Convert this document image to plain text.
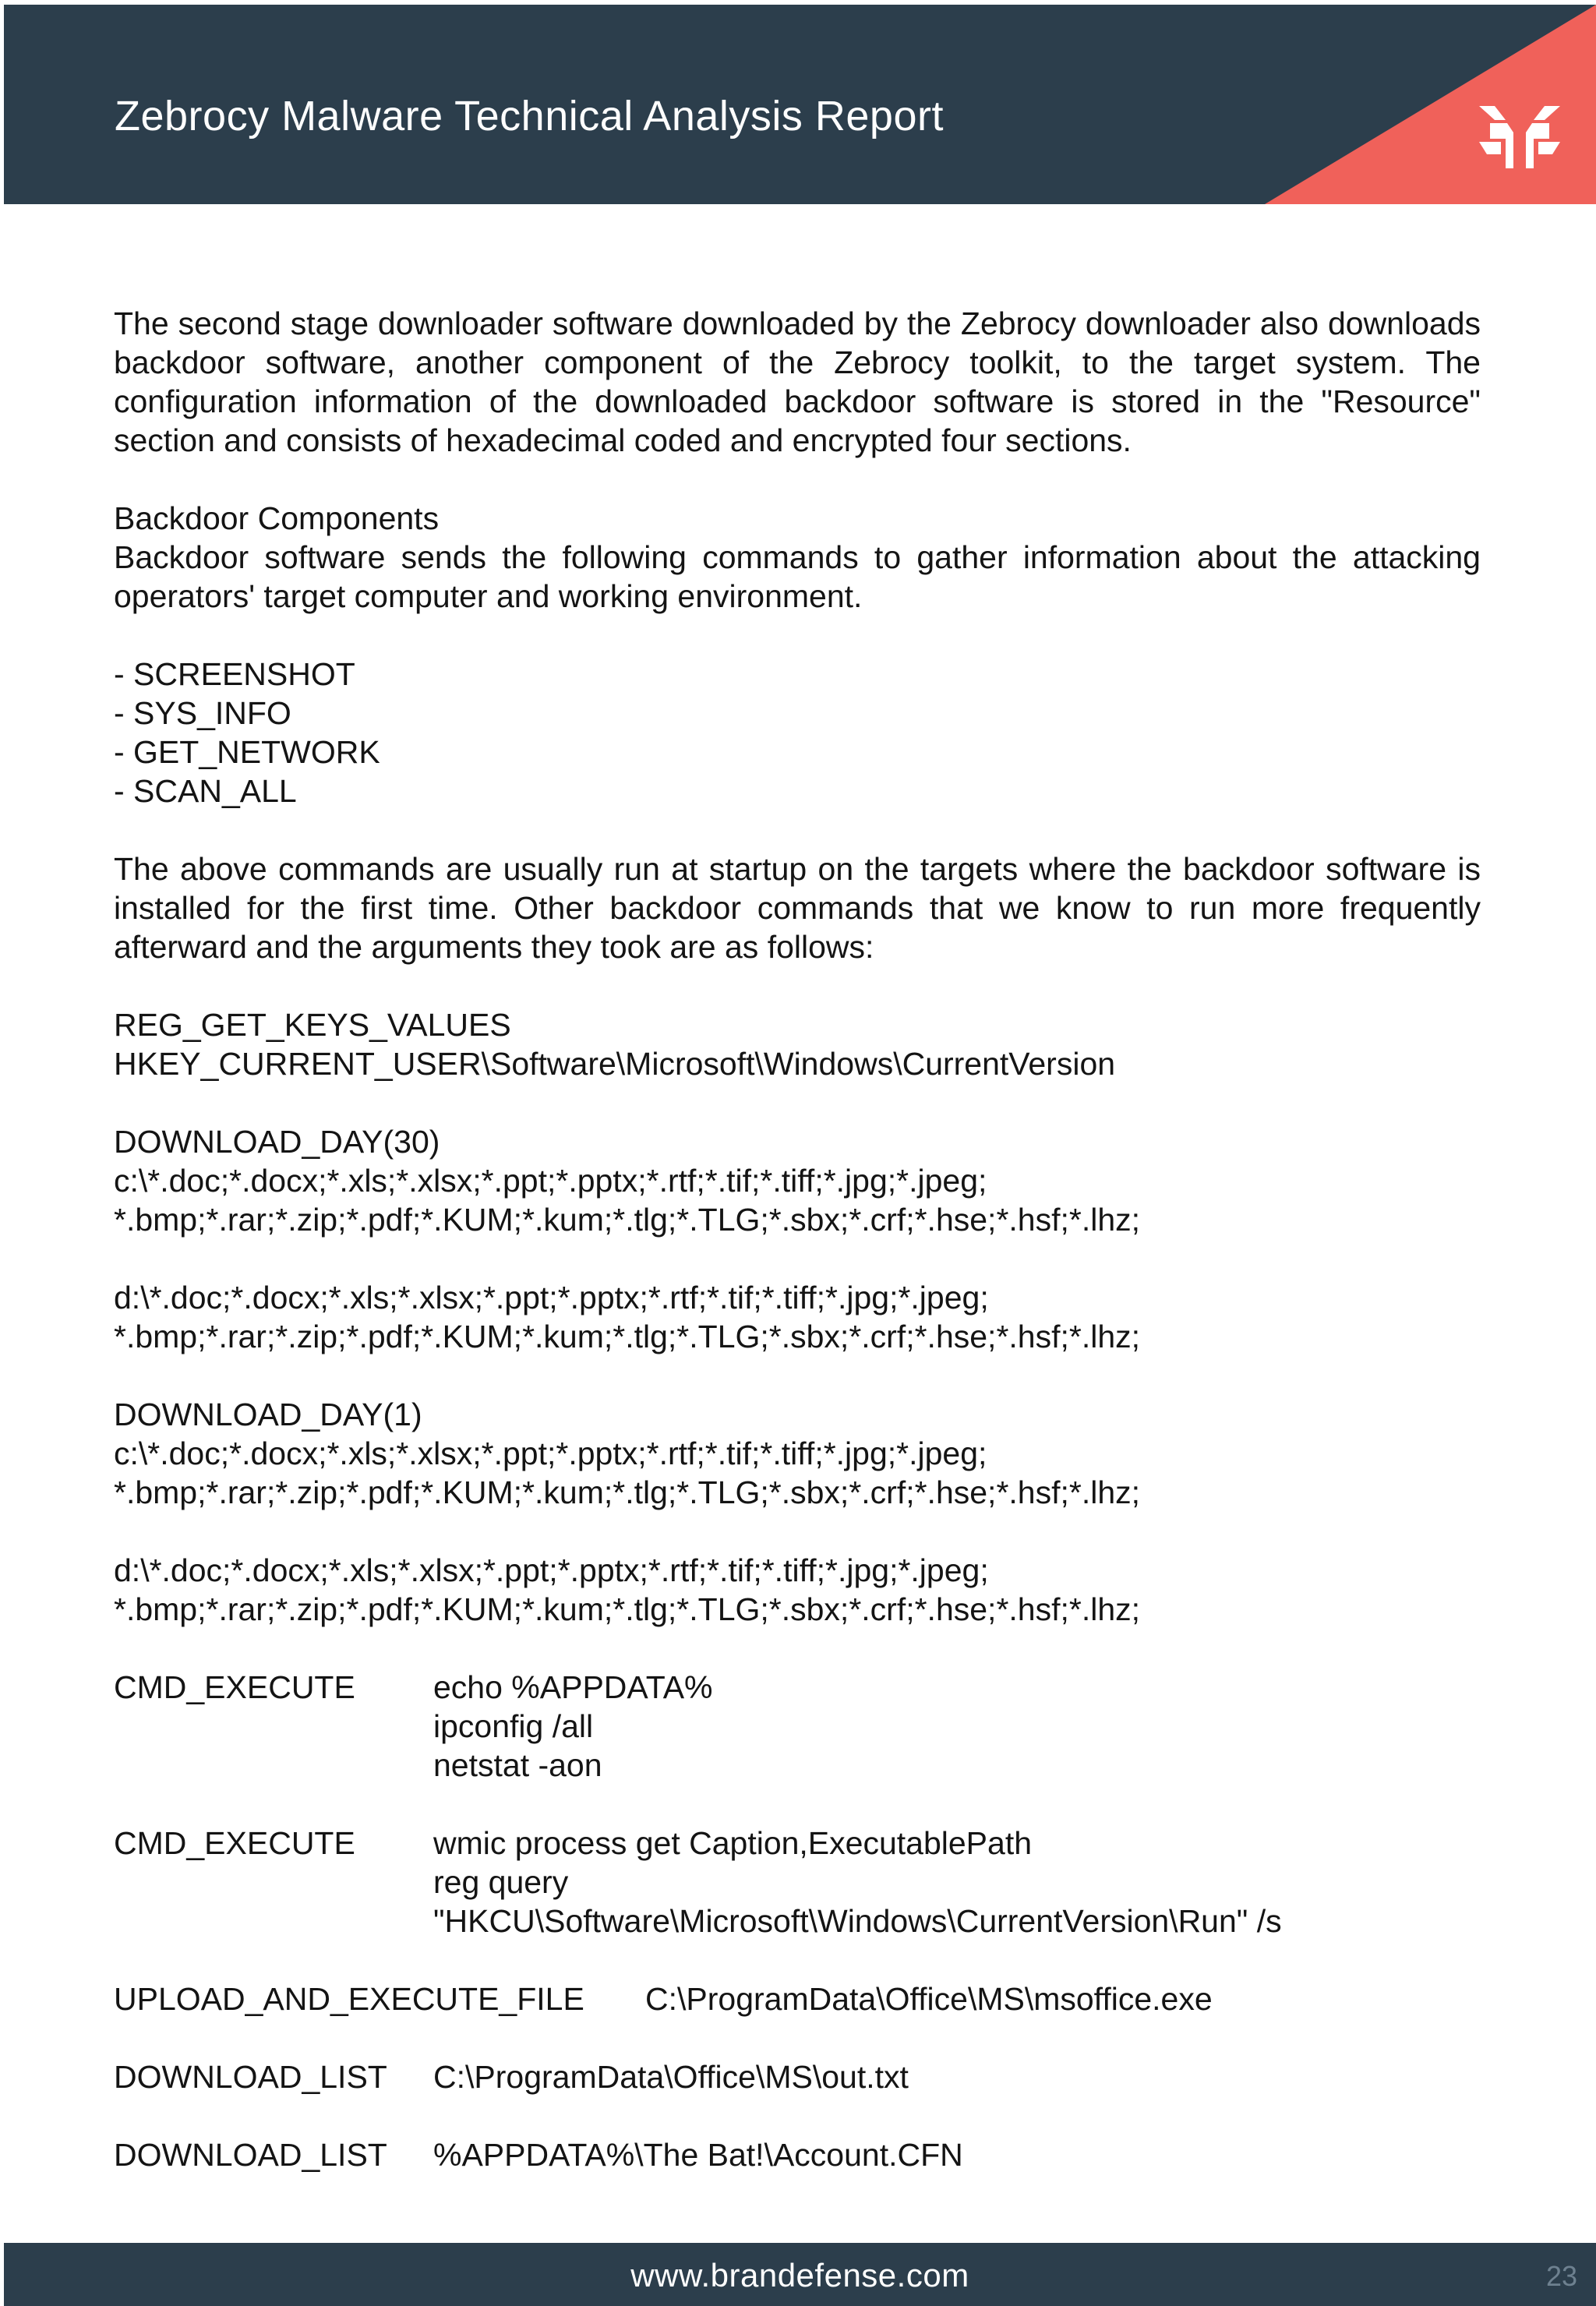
Zebrocy Malware Technical Analysis Report

The second stage downloader software downloaded by the Zebrocy downloader also downloads backdoor software, another component of the Zebrocy toolkit, to the target system. The configuration information of the downloaded backdoor software is stored in the "Resource" section and consists of hexadecimal coded and encrypted four sections.

Backdoor Components

Backdoor software sends the following commands to gather information about the attacking operators' target computer and working environment.

- SCREENSHOT
- SYS_INFO
- GET_NETWORK
- SCAN_ALL

The above commands are usually run at startup on the targets where the backdoor software is installed for the first time. Other backdoor commands that we know to run more frequently afterward and the arguments they took are as follows:

REG_GET_KEYS_VALUES
HKEY_CURRENT_USER\Software\Microsoft\Windows\CurrentVersion
DOWNLOAD_DAY(30)
c:\*.doc;*.docx;*.xls;*.xlsx;*.ppt;*.pptx;*.rtf;*.tif;*.tiff;*.jpg;*.jpeg;
*.bmp;*.rar;*.zip;*.pdf;*.KUM;*.kum;*.tlg;*.TLG;*.sbx;*.crf;*.hse;*.hsf;*.lhz;
d:\*.doc;*.docx;*.xls;*.xlsx;*.ppt;*.pptx;*.rtf;*.tif;*.tiff;*.jpg;*.jpeg;
*.bmp;*.rar;*.zip;*.pdf;*.KUM;*.kum;*.tlg;*.TLG;*.sbx;*.crf;*.hse;*.hsf;*.lhz;
DOWNLOAD_DAY(1)
c:\*.doc;*.docx;*.xls;*.xlsx;*.ppt;*.pptx;*.rtf;*.tif;*.tiff;*.jpg;*.jpeg;
*.bmp;*.rar;*.zip;*.pdf;*.KUM;*.kum;*.tlg;*.TLG;*.sbx;*.crf;*.hse;*.hsf;*.lhz;
d:\*.doc;*.docx;*.xls;*.xlsx;*.ppt;*.pptx;*.rtf;*.tif;*.tiff;*.jpg;*.jpeg;
*.bmp;*.rar;*.zip;*.pdf;*.KUM;*.kum;*.tlg;*.TLG;*.sbx;*.crf;*.hse;*.hsf;*.lhz;
CMD_EXECUTE echo %APPDATA%
ipconfig /all
netstat -aon
CMD_EXECUTE wmic process get Caption,ExecutablePath
reg query
"HKCU\Software\Microsoft\Windows\CurrentVersion\Run" /s
UPLOAD_AND_EXECUTE_FILE C:\ProgramData\Office\MS\msoffice.exe
DOWNLOAD_LIST C:\ProgramData\Office\MS\out.txt
DOWNLOAD_LIST %APPDATA%\The Bat!\Account.CFN
www.brandefense.com	23
